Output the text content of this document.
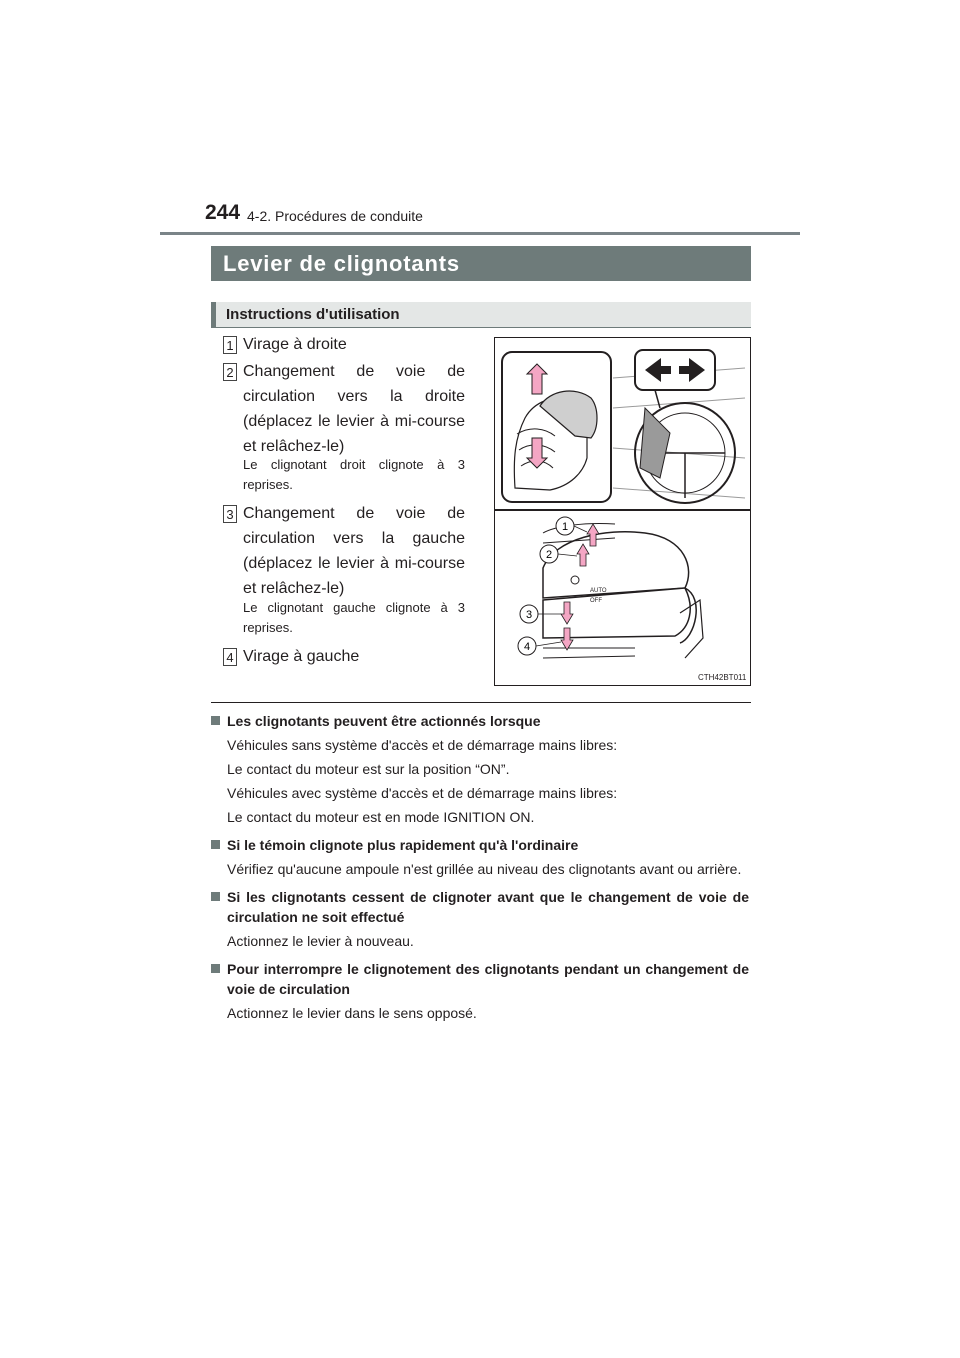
244 4-2. Procédures de conduite
Levier de clignotants
Instructions d'utilisation
1 Virage à droite
2 Changement de voie de circulation vers la droite (déplacez le levier à mi-course et relâchez-le)
Le clignotant droit clignote à 3 reprises.
3 Changement de voie de circulation vers la gauche (déplacez le levier à mi-course et relâchez-le)
Le clignotant gauche clignote à 3 reprises.
4 Virage à gauche
AUTO
OFF
1
2
3
4
CTH42BT011
Les clignotants peuvent être actionnés lorsque
Véhicules sans système d'accès et de démarrage mains libres:
Le contact du moteur est sur la position “ON”.
Véhicules avec système d'accès et de démarrage mains libres:
Le contact du moteur est en mode IGNITION ON.
Si le témoin clignote plus rapidement qu'à l'ordinaire
Vérifiez qu'aucune ampoule n'est grillée au niveau des clignotants avant ou arrière.
Si les clignotants cessent de clignoter avant que le changement de voie de circulation ne soit effectué
Actionnez le levier à nouveau.
Pour interrompre le clignotement des clignotants pendant un changement de voie de circulation
Actionnez le levier dans le sens opposé.
